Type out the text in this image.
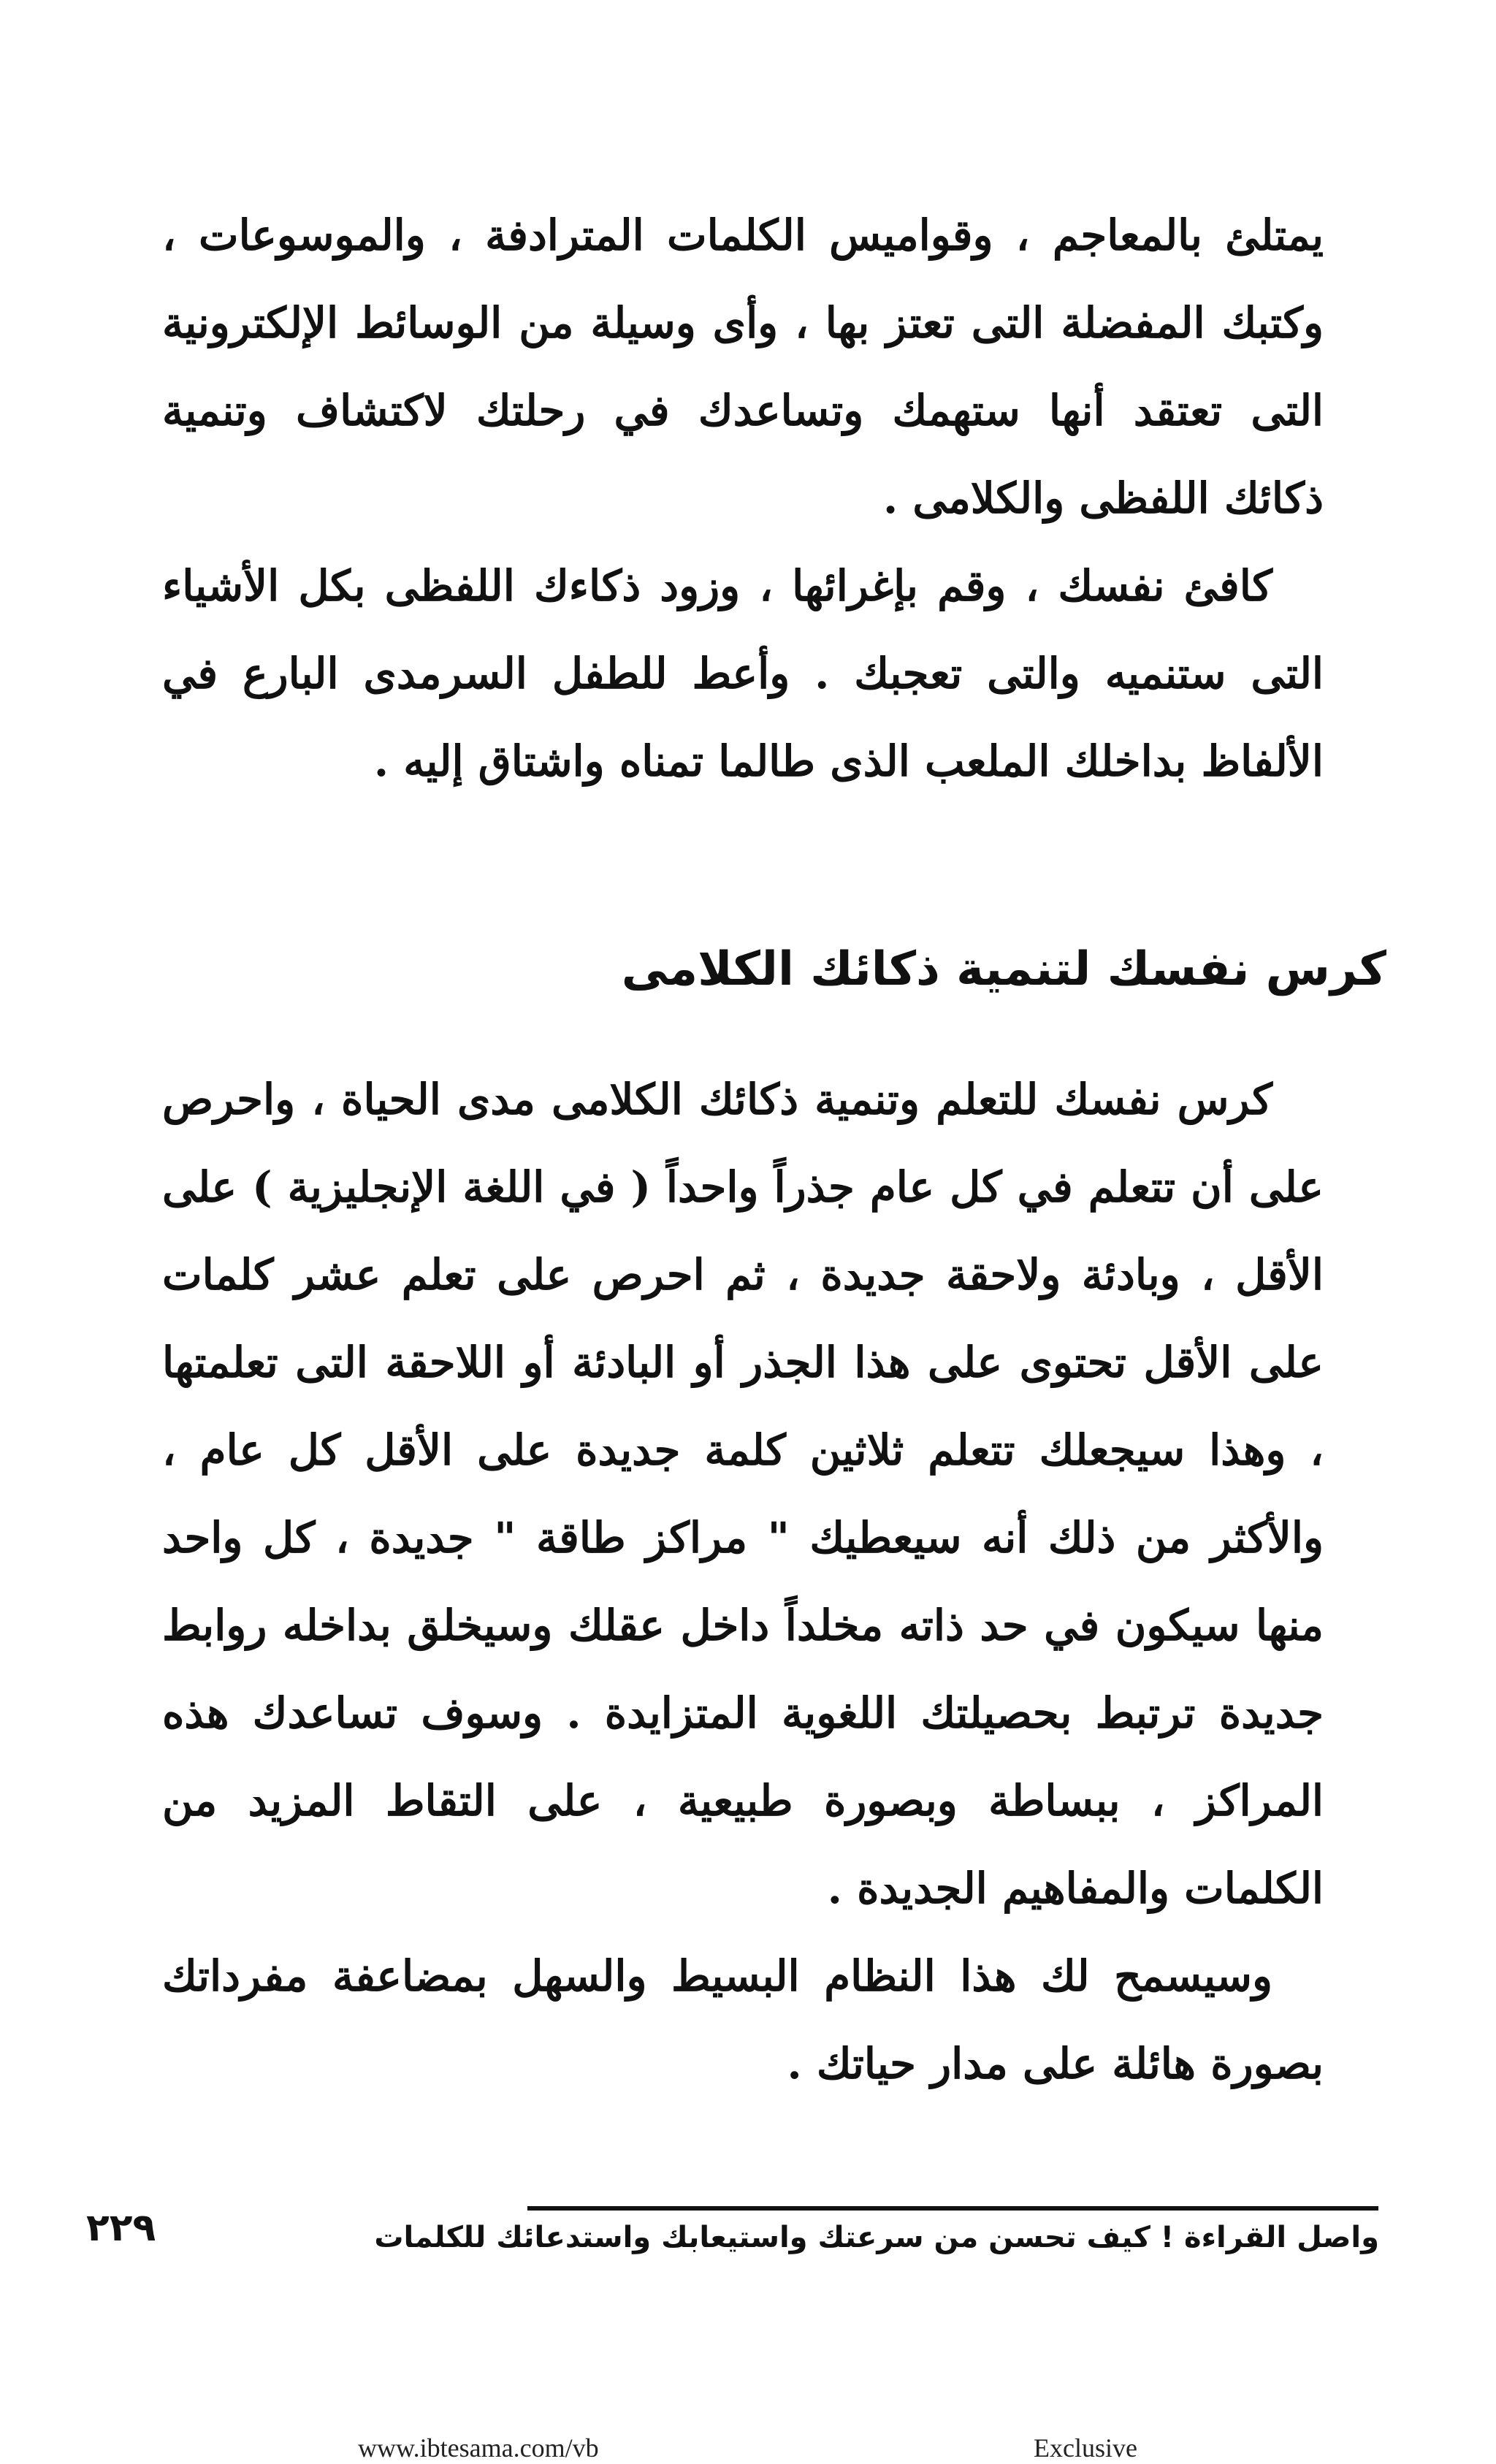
يمتلئ بالمعاجم ، وقواميس الكلمات المترادفة ، والموسوعات ، وكتبك المفضلة التى تعتز بها ، وأى وسيلة من الوسائط الإلكترونية التى تعتقد أنها ستهمك وتساعدك في رحلتك لاكتشاف وتنمية ذكائك اللفظى والكلامى .

كافئ نفسك ، وقم بإغرائها ، وزود ذكاءك اللفظى بكل الأشياء التى ستنميه والتى تعجبك . وأعط للطفل السرمدى البارع في الألفاظ بداخلك الملعب الذى طالما تمناه واشتاق إليه .

كرس نفسك لتنمية ذكائك الكلامى

كرس نفسك للتعلم وتنمية ذكائك الكلامى مدى الحياة ، واحرص على أن تتعلم في كل عام جذراً واحداً ( في اللغة الإنجليزية ) على الأقل ، وبادئة ولاحقة جديدة ، ثم احرص على تعلم عشر كلمات على الأقل تحتوى على هذا الجذر أو البادئة أو اللاحقة التى تعلمتها ، وهذا سيجعلك تتعلم ثلاثين كلمة جديدة على الأقل كل عام ، والأكثر من ذلك أنه سيعطيك " مراكز طاقة " جديدة ، كل واحد منها سيكون في حد ذاته مخلداً داخل عقلك وسيخلق بداخله روابط جديدة ترتبط بحصيلتك اللغوية المتزايدة . وسوف تساعدك هذه المراكز ، ببساطة وبصورة طبيعية ، على التقاط المزيد من الكلمات والمفاهيم الجديدة .

وسيسمح لك هذا النظام البسيط والسهل بمضاعفة مفرداتك بصورة هائلة على مدار حياتك .

واصل القراءة ! كيف تحسن من سرعتك واستيعابك واستدعائك للكلمات
٢٢٩
www.ibtesama.com/vb	Exclusive
